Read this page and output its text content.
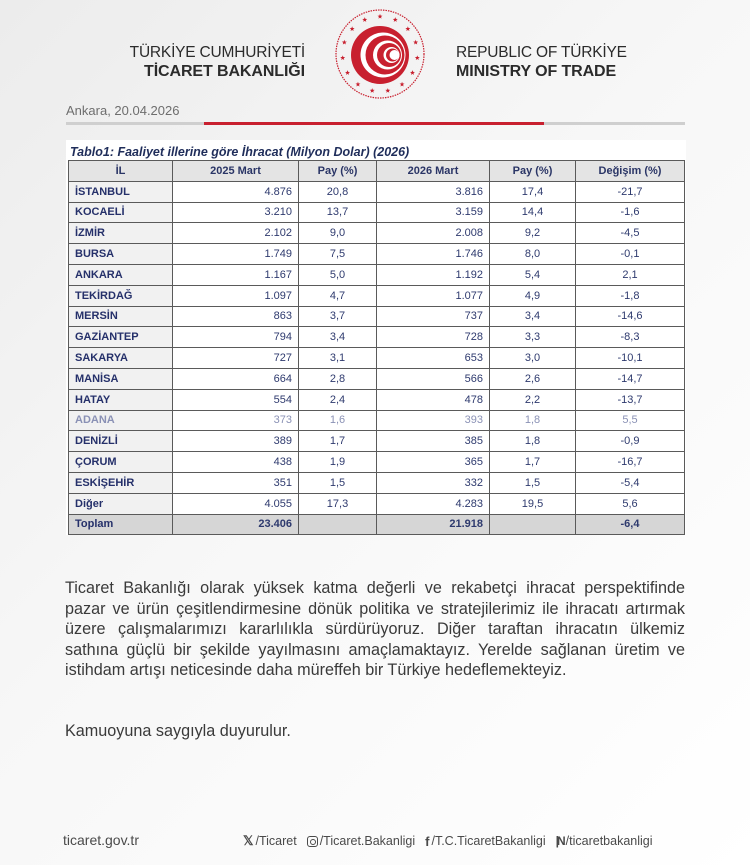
TÜRKİYE CUMHURİYETİ
TİCARET BAKANLIĞI
REPUBLIC OF TÜRKİYE
MINISTRY OF TRADE
Ankara, 20.04.2026
Tablo1: Faaliyet illerine göre İhracat (Milyon Dolar) (2026)
İL	2025 Mart	Pay (%)	2026 Mart	Pay (%)	Değişim (%)
İSTANBUL	4.876	20,8	3.816	17,4	-21,7
KOCAELİ	3.210	13,7	3.159	14,4	-1,6
İZMİR	2.102	9,0	2.008	9,2	-4,5
BURSA	1.749	7,5	1.746	8,0	-0,1
ANKARA	1.167	5,0	1.192	5,4	2,1
TEKİRDAĞ	1.097	4,7	1.077	4,9	-1,8
MERSİN	863	3,7	737	3,4	-14,6
GAZİANTEP	794	3,4	728	3,3	-8,3
SAKARYA	727	3,1	653	3,0	-10,1
MANİSA	664	2,8	566	2,6	-14,7
HATAY	554	2,4	478	2,2	-13,7
ADANA	373	1,6	393	1,8	5,5
DENİZLİ	389	1,7	385	1,8	-0,9
ÇORUM	438	1,9	365	1,7	-16,7
ESKİŞEHİR	351	1,5	332	1,5	-5,4
Diğer	4.055	17,3	4.283	19,5	5,6
Toplam	23.406		21.918		-6,4
Ticaret Bakanlığı olarak yüksek katma değerli ve rekabetçi ihracat perspektifinde pazar ve ürün çeşitlendirmesine dönük politika ve stratejilerimiz ile ihracatı artırmak üzere çalışmalarımızı kararlılıkla sürdürüyoruz. Diğer taraftan ihracatın ülkemiz sathına güçlü bir şekilde yayılmasını amaçlamaktayız. Yerelde sağlanan üretim ve istihdam artışı neticesinde daha müreffeh bir Türkiye hedeflemekteyiz.
Kamuoyuna saygıyla duyurulur.
ticaret.gov.tr	𝕏 /Ticaret /Ticaret.Bakanligi f /T.C.TicaretBakanligi |N /ticaretbakanligi
